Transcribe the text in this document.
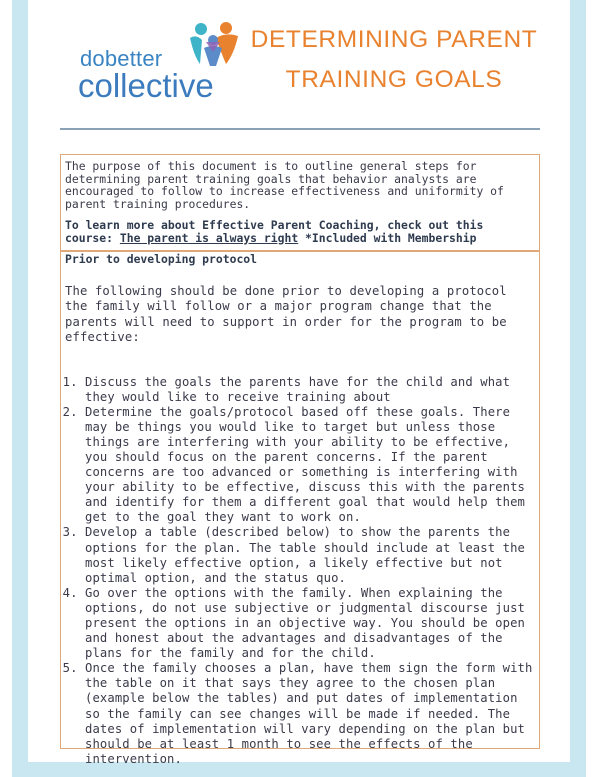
dobetter
collective
DETERMINING PARENT
TRAINING GOALS

The purpose of this document is to outline general steps for determining parent training goals that behavior analysts are encouraged to follow to increase effectiveness and uniformity of parent training procedures.

To learn more about Effective Parent Coaching, check out this course: The parent is always right *Included with Membership

Prior to developing protocol

The following should be done prior to developing a protocol the family will follow or a major program change that the parents will need to support in order for the program to be effective:

1. Discuss the goals the parents have for the child and what they would like to receive training about
2. Determine the goals/protocol based off these goals. There may be things you would like to target but unless those things are interfering with your ability to be effective, you should focus on the parent concerns. If the parent concerns are too advanced or something is interfering with your ability to be effective, discuss this with the parents and identify for them a different goal that would help them get to the goal they want to work on.
3. Develop a table (described below) to show the parents the options for the plan. The table should include at least the most likely effective option, a likely effective but not optimal option, and the status quo.
4. Go over the options with the family. When explaining the options, do not use subjective or judgmental discourse just present the options in an objective way. You should be open and honest about the advantages and disadvantages of the plans for the family and for the child.
5. Once the family chooses a plan, have them sign the form with the table on it that says they agree to the chosen plan (example below the tables) and put dates of implementation so the family can see changes will be made if needed. The dates of implementation will vary depending on the plan but should be at least 1 month to see the effects of the intervention.
